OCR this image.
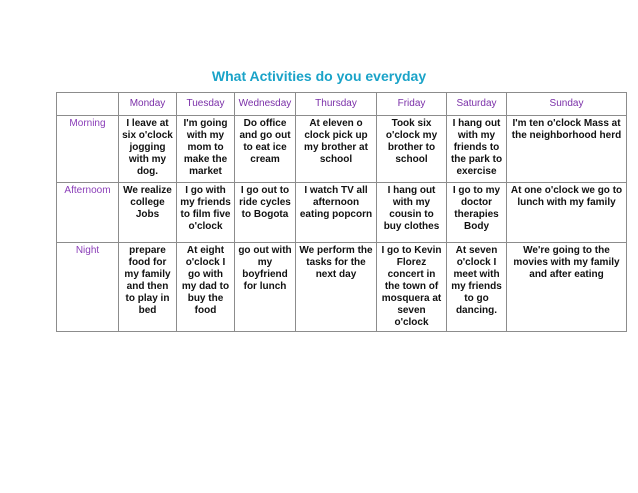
What Activities do you everyday
	Monday	Tuesday	Wednesday	Thursday	Friday	Saturday	Sunday
Morning	I leave at six o'clock jogging with my dog.	I'm going with my mom to make the market	Do office and go out to eat ice cream	At eleven o clock pick up my brother at school	Took six o'clock my brother to school	I hang out with my friends to the park to exercise	I'm ten o'clock Mass at the neighborhood herd
Afternoom	We realize college Jobs	I go with my friends to film five o'clock	I go out to ride cycles to Bogota	I watch TV all afternoon eating popcorn	I hang out with my cousin to buy clothes	I go to my doctor therapies Body	At one o'clock we go to lunch with my family
Night	prepare food for my family and then to play in bed	At eight o'clock I go with my dad to buy the food	go out with my boyfriend for lunch	We perform the tasks for the next day	I go to Kevin Florez concert in the town of mosquera at seven o'clock	At seven o'clock I meet with my friends to go dancing.	We're going to the movies with my family and after eating
